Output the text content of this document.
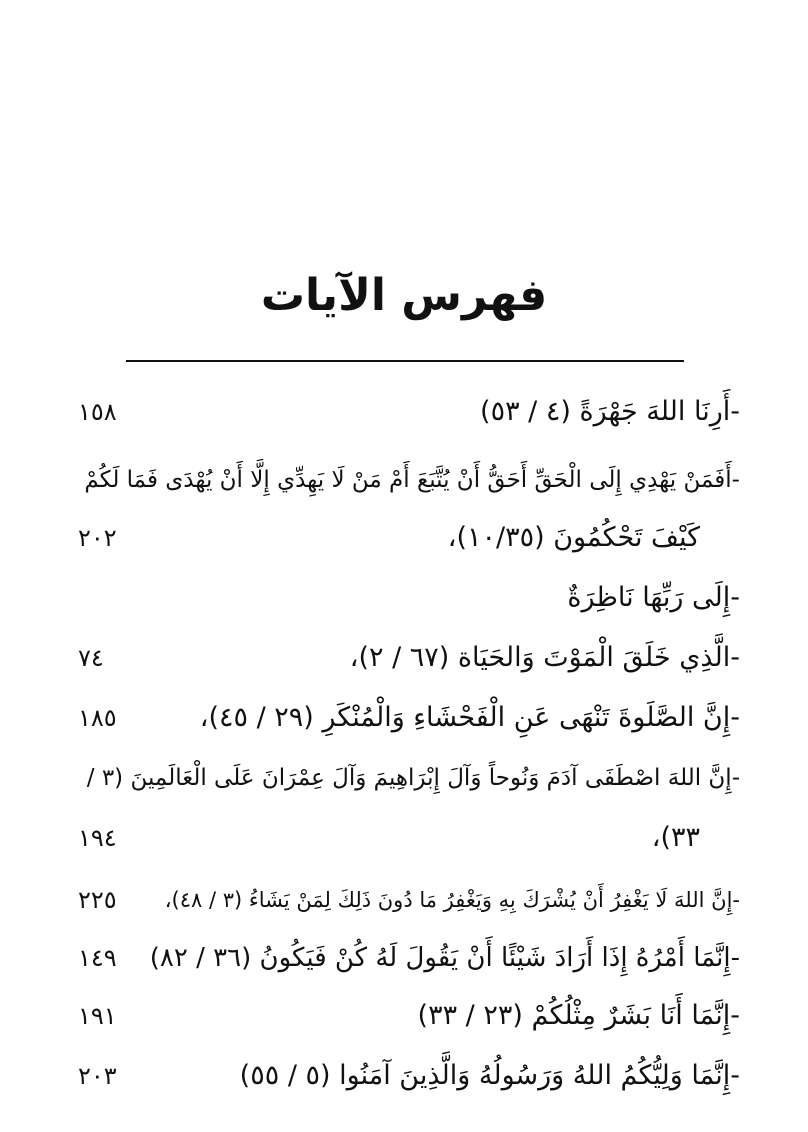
فهرس الآيات
-أَرِنَا اللهَ جَهْرَةً (٤ / ٥٣)
١٥٨
-أَفَمَنْ يَهْدِي إِلَى الْحَقِّ أَحَقُّ أَنْ يُتَّبَعَ أَمْ مَنْ لَا يَهِدِّي إِلَّا أَنْ يُهْدَى فَمَا لَكُمْ
كَيْفَ تَحْكُمُونَ (١٠/٣٥)،
٢٠٢
-إِلَى رَبِّهَا نَاظِرَةٌ
-الَّذِي خَلَقَ الْمَوْتَ وَالحَيَاة (٦٧ / ٢)،
٧٤
-إِنَّ الصَّلَوةَ تَنْهَى عَنِ الْفَحْشَاءِ وَالْمُنْكَرِ (٢٩ / ٤٥)،
١٨٥
-إِنَّ اللهَ اصْطَفَى آدَمَ وَنُوحاً وَآلَ إِبْرَاهِيمَ وَآلَ عِمْرَانَ عَلَى الْعَالَمِينَ (٣ /
٣٣)،
١٩٤
-إِنَّ اللهَ لَا يَغْفِرُ أَنْ يُشْرَكَ بِهِ وَيَغْفِرُ مَا دُونَ ذَلِكَ لِمَنْ يَشَاءُ (٣ / ٤٨)،
٢٢٥
-إِنَّمَا أَمْرُهُ إِذَا أَرَادَ شَيْئًا أَنْ يَقُولَ لَهُ كُنْ فَيَكُونُ (٣٦ / ٨٢)
١٤٩
-إِنَّمَا أَنَا بَشَرٌ مِثْلُكُمْ (٢٣ / ٣٣)
١٩١
-إِنَّمَا وَلِيُّكُمُ اللهُ وَرَسُولُهُ وَالَّذِينَ آمَنُوا (٥ / ٥٥)
٢٠٣
